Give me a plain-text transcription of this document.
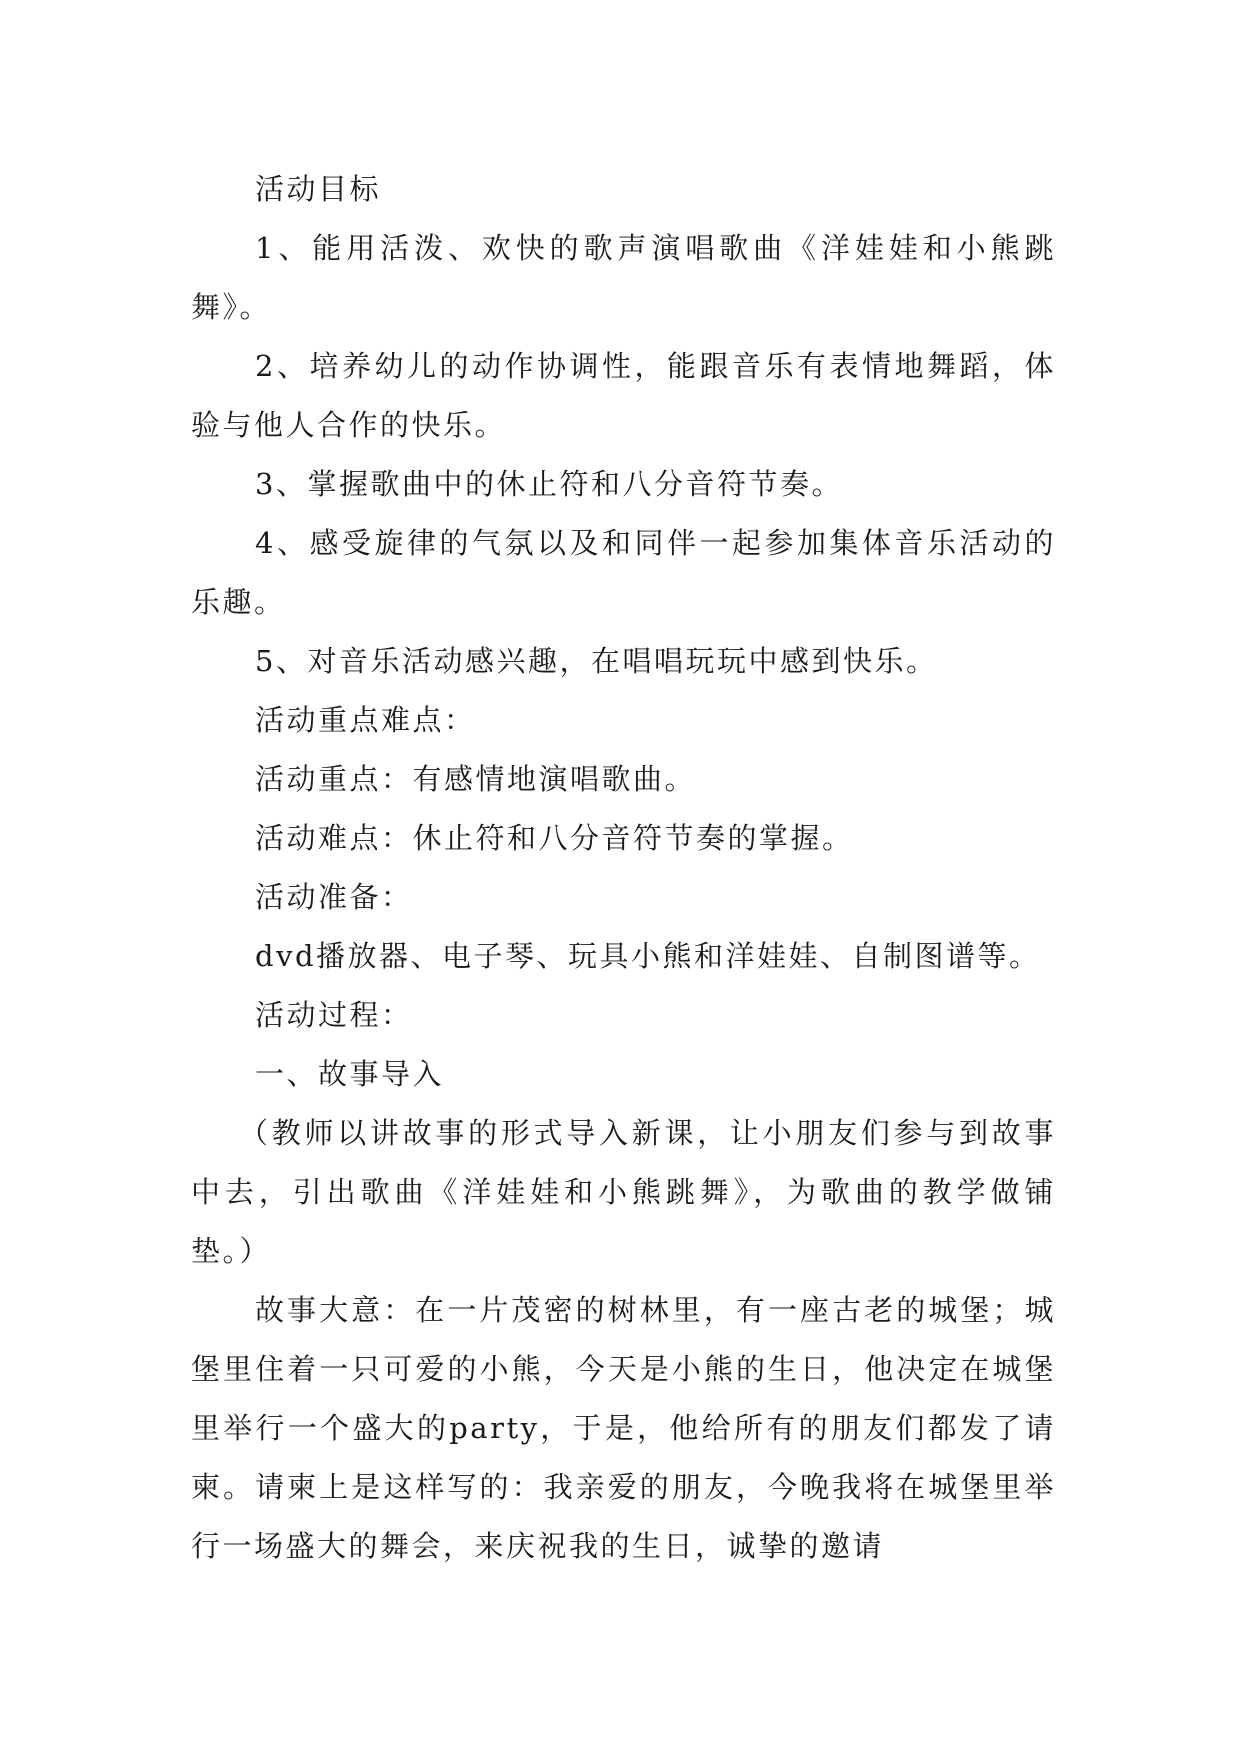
活动目标

1、能用活泼、欢快的歌声演唱歌曲《洋娃娃和小熊跳舞》。

2、培养幼儿的动作协调性，能跟音乐有表情地舞蹈，体验与他人合作的快乐。

3、掌握歌曲中的休止符和八分音符节奏。

4、感受旋律的气氛以及和同伴一起参加集体音乐活动的乐趣。

5、对音乐活动感兴趣，在唱唱玩玩中感到快乐。

活动重点难点：

活动重点：有感情地演唱歌曲。

活动难点：休止符和八分音符节奏的掌握。

活动准备：

dvd播放器、电子琴、玩具小熊和洋娃娃、自制图谱等。

活动过程：

一、故事导入

（教师以讲故事的形式导入新课，让小朋友们参与到故事中去，引出歌曲《洋娃娃和小熊跳舞》，为歌曲的教学做铺垫。）

故事大意：在一片茂密的树林里，有一座古老的城堡；城堡里住着一只可爱的小熊，今天是小熊的生日，他决定在城堡里举行一个盛大的party，于是，他给所有的朋友们都发了请柬。请柬上是这样写的：我亲爱的朋友，今晚我将在城堡里举行一场盛大的舞会，来庆祝我的生日，诚挚的邀请
